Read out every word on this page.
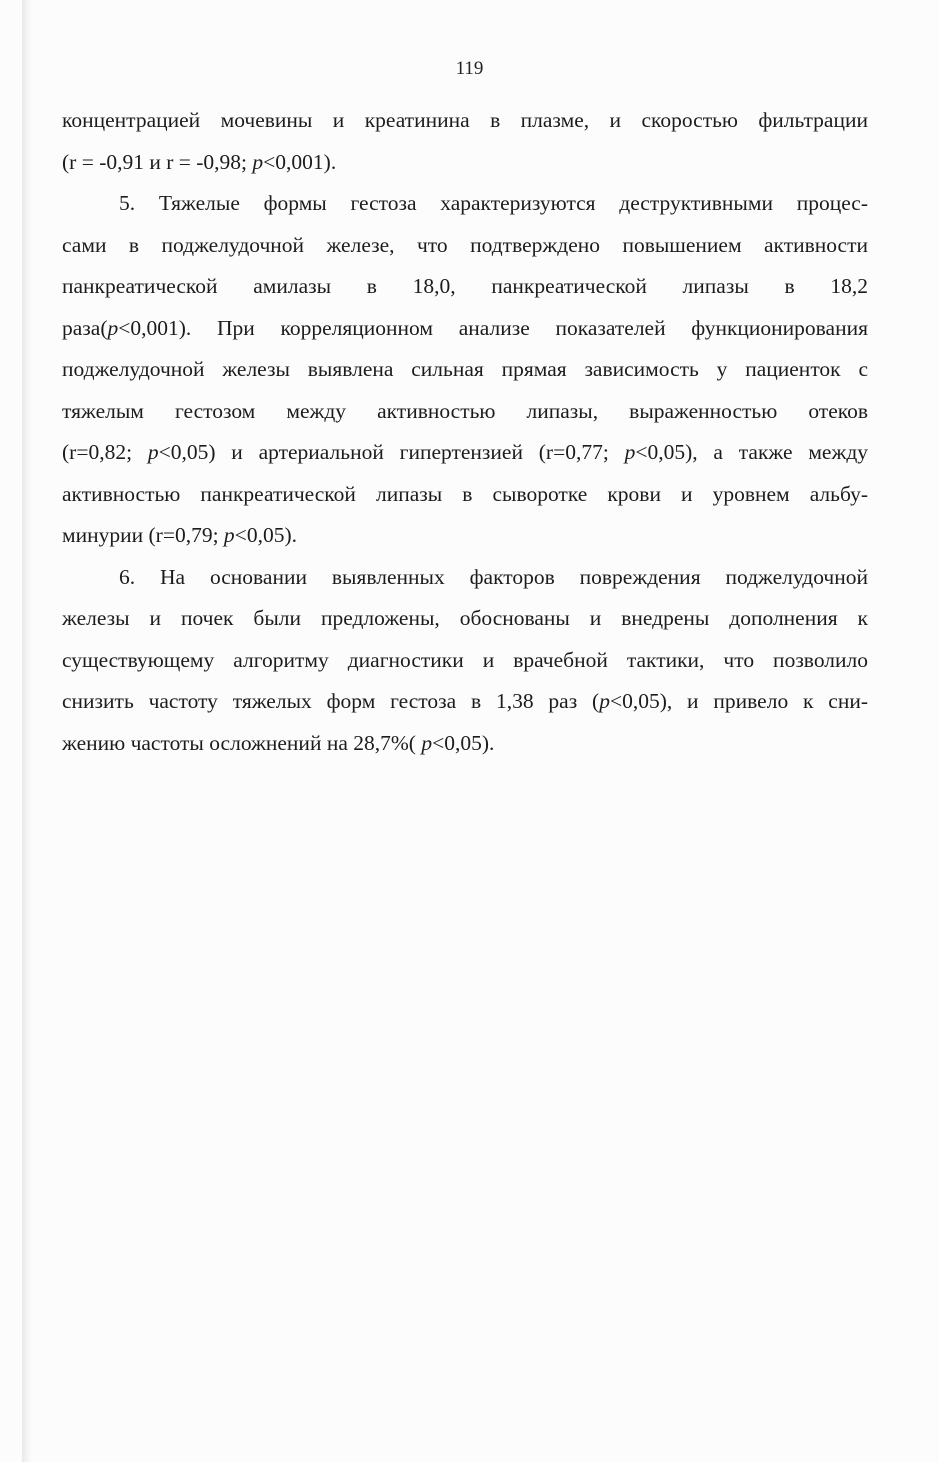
119

концентрацией мочевины и креатинина в плазме, и скоростью фильтрации
(r = -0,91 и r = -0,98; p<0,001).

5. Тяжелые формы гестоза характеризуются деструктивными процес-
сами в поджелудочной железе, что подтверждено повышением активности
панкреатической амилазы в 18,0, панкреатической липазы в 18,2
раза(p<0,001). При корреляционном анализе показателей функционирования
поджелудочной железы выявлена сильная прямая зависимость у пациенток с
тяжелым гестозом между активностью липазы, выраженностью отеков
(r=0,82; p<0,05) и артериальной гипертензией (r=0,77; p<0,05), а также между
активностью панкреатической липазы в сыворотке крови и уровнем альбу-
минурии (r=0,79; p<0,05).

6. На основании выявленных факторов повреждения поджелудочной
железы и почек были предложены, обоснованы и внедрены дополнения к
существующему алгоритму диагностики и врачебной тактики, что позволило
снизить частоту тяжелых форм гестоза в 1,38 раз (p<0,05), и привело к сни-
жению частоты осложнений на 28,7%( p<0,05).
